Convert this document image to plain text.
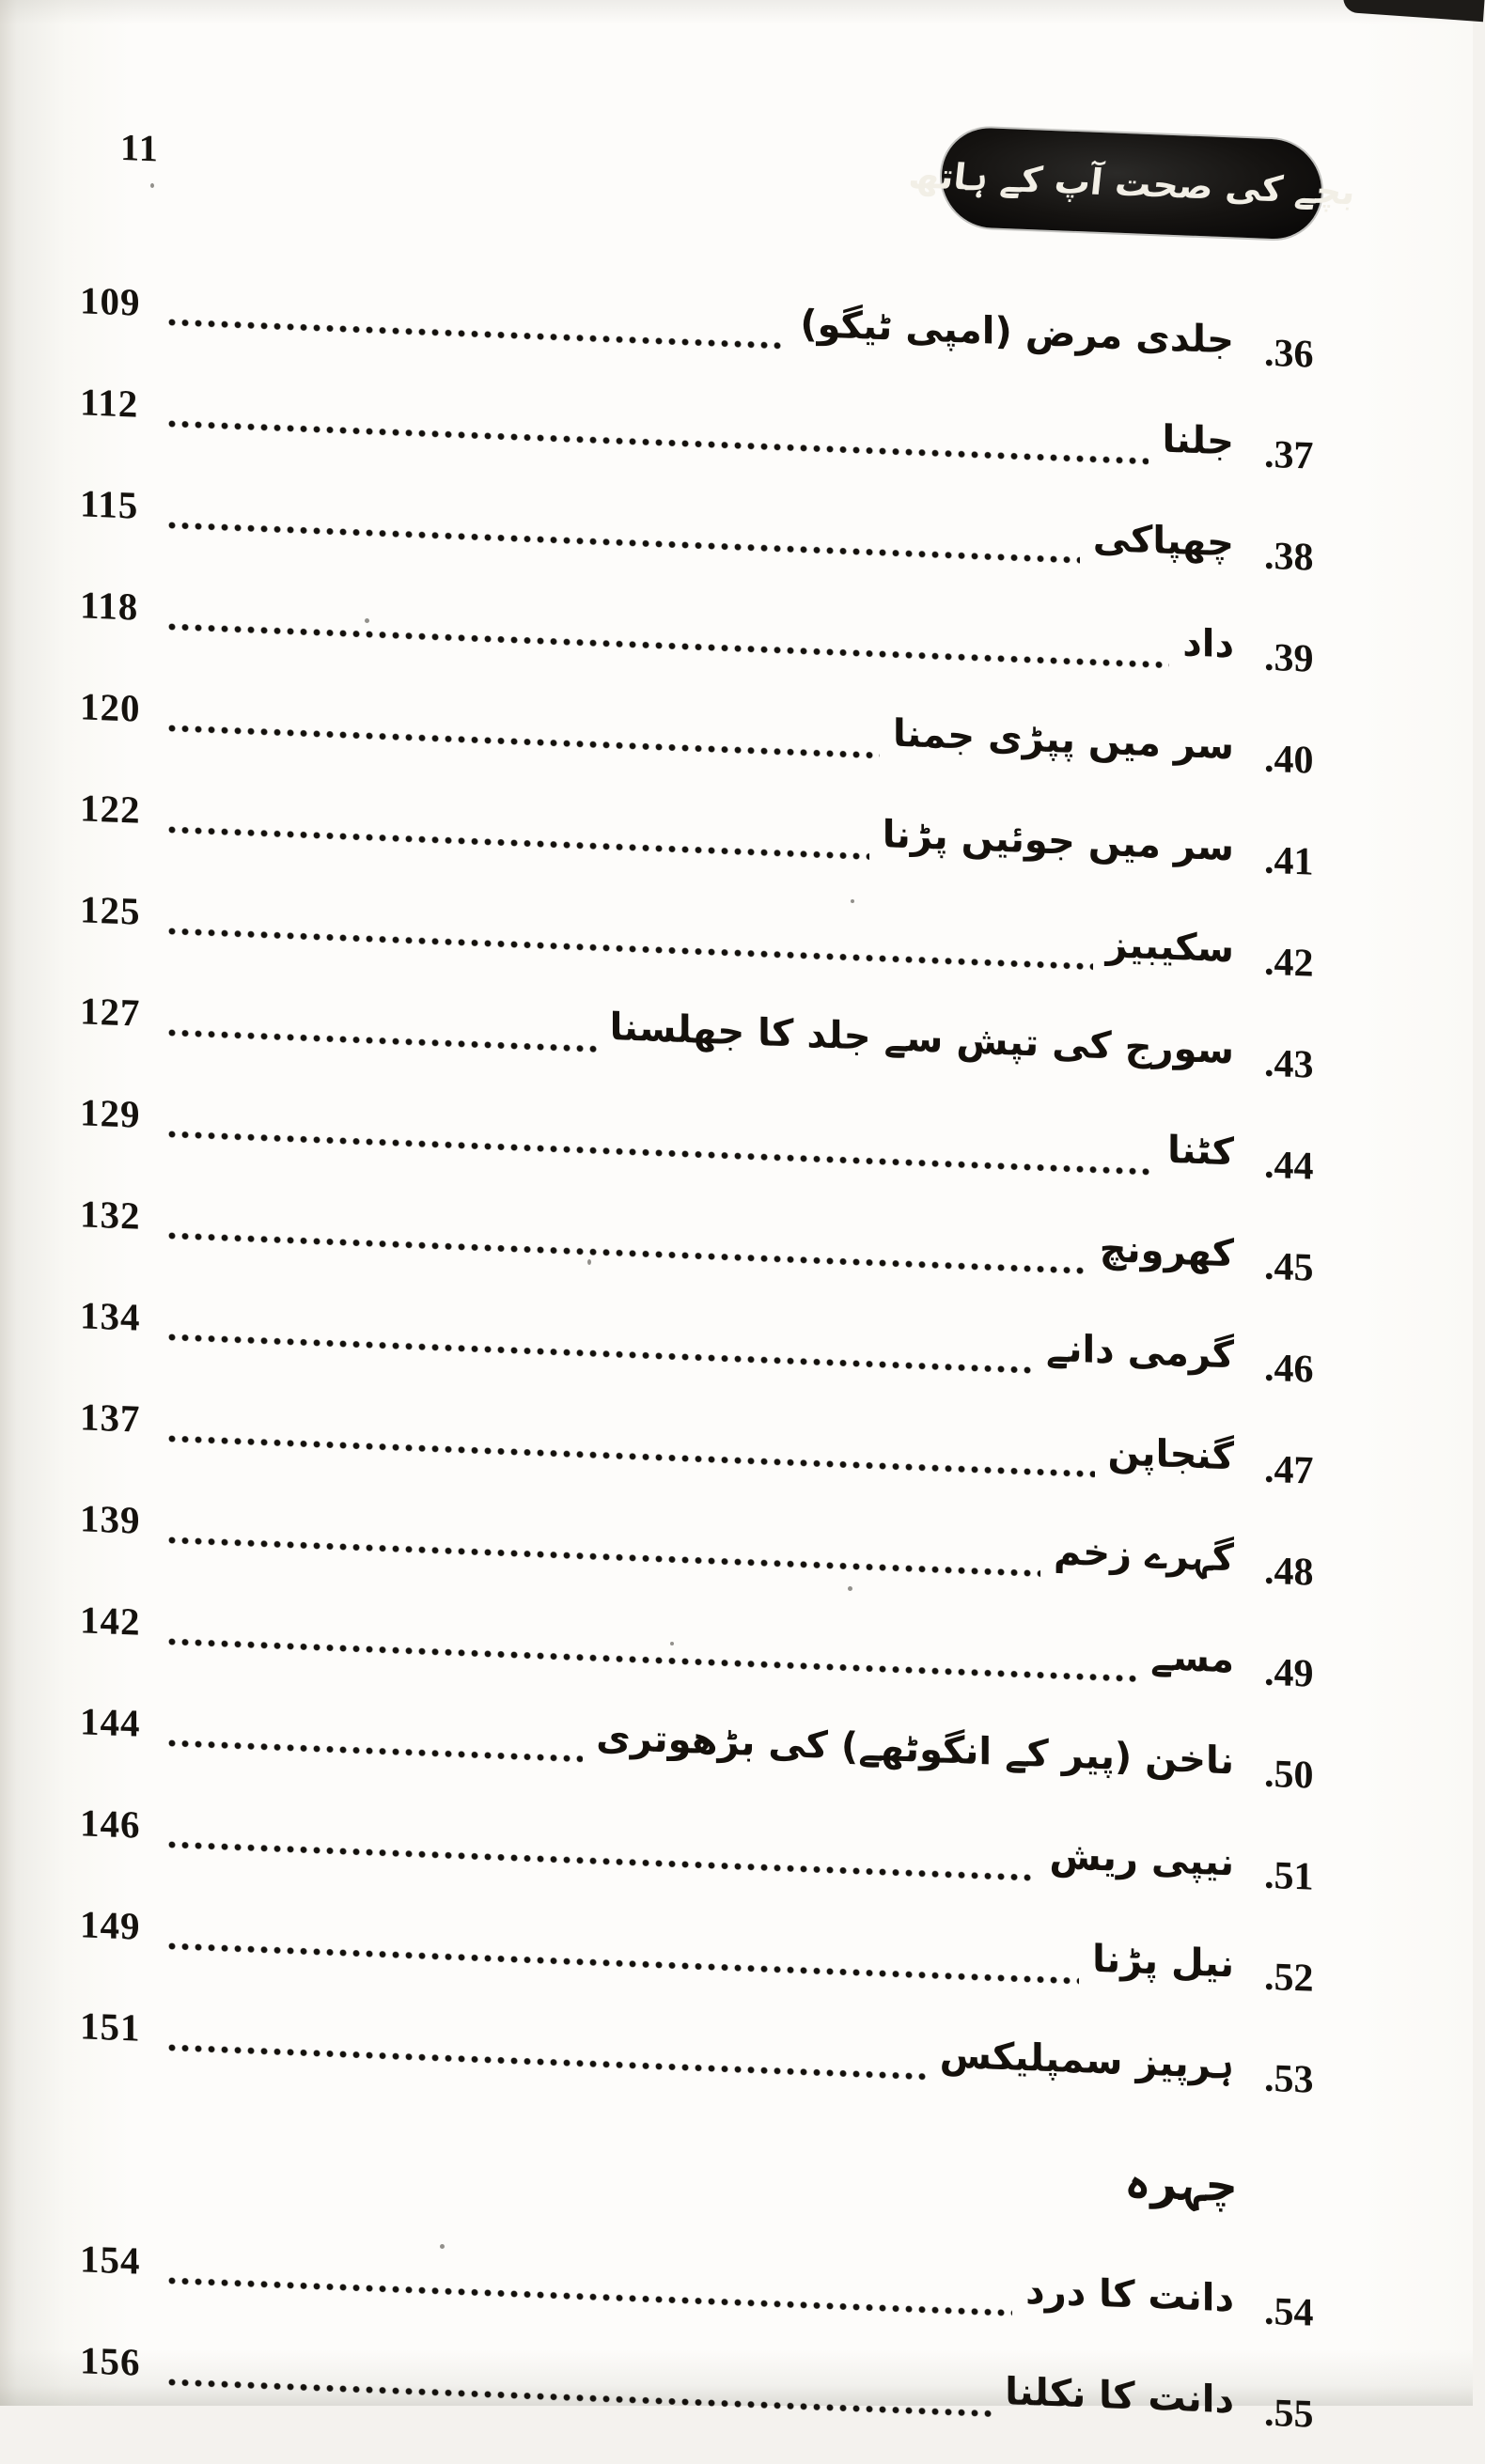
11
بچے کی صحت آپ کے ہاتھ
109
جلدی مرض (امپی ٹیگو) .36
112
جلنا .37
115
چھپاکی .38
118
داد .39
120
سر میں پپڑی جمنا .40
122
سر میں جوئیں پڑنا .41
125
سکیبیز .42
127	سورج کی تپش سے جلد کا جھلسنا .43
129
کٹنا .44
132
کھرونچ .45
134
گرمی دانے .46
137
گنجاپن .47
139
گہرے زخم .48
142
مسے .49
144	ناخن (پیر کے انگوٹھے) کی بڑھوتری .50
146
نیپی ریش .51
149
نیل پڑنا .52
151
ہرپیز سمپلیکس .53
چہرہ
154
دانت کا درد .54
156
دانت کا نکلنا .55
